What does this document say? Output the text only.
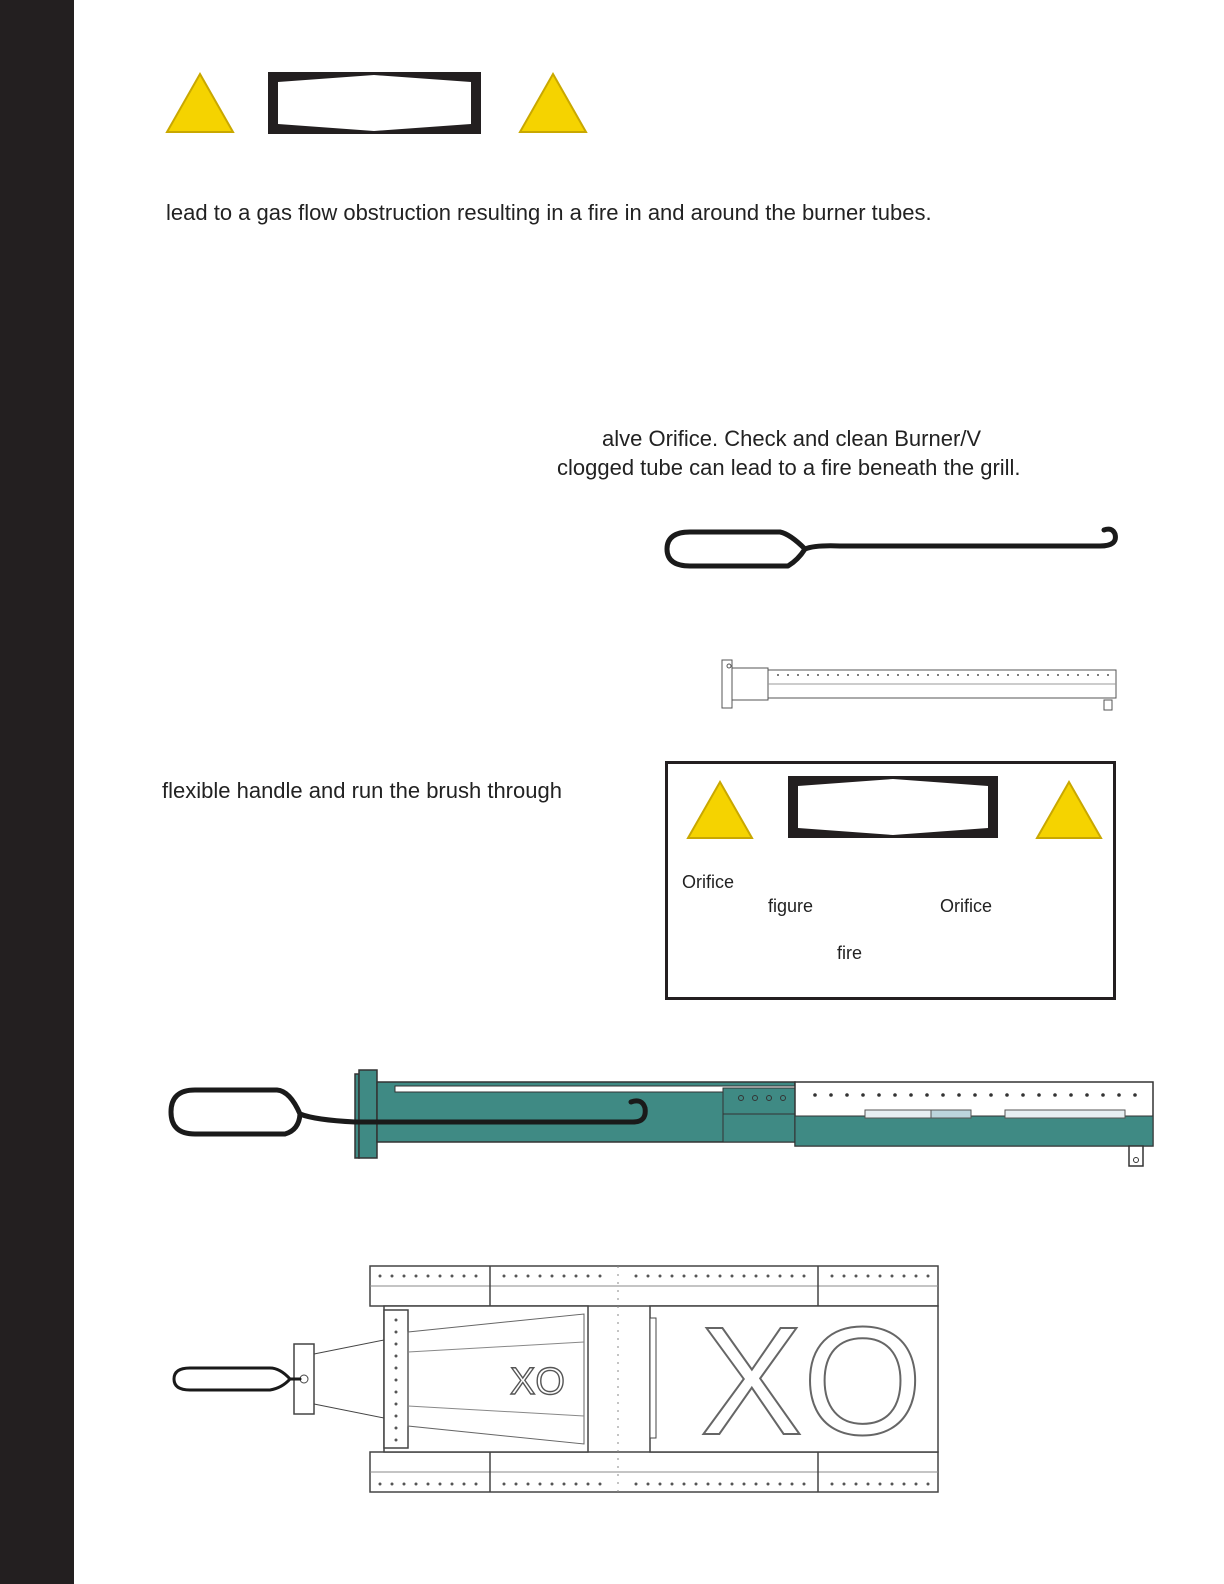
lead to a gas flow obstruction resulting in a fire in and around the burner tubes.
alve Orifice. Check and clean Burner/V
clogged tube can lead to a fire beneath the grill.
flexible handle and run the brush through
Orifice
figure	Orifice
fire
XO XO
